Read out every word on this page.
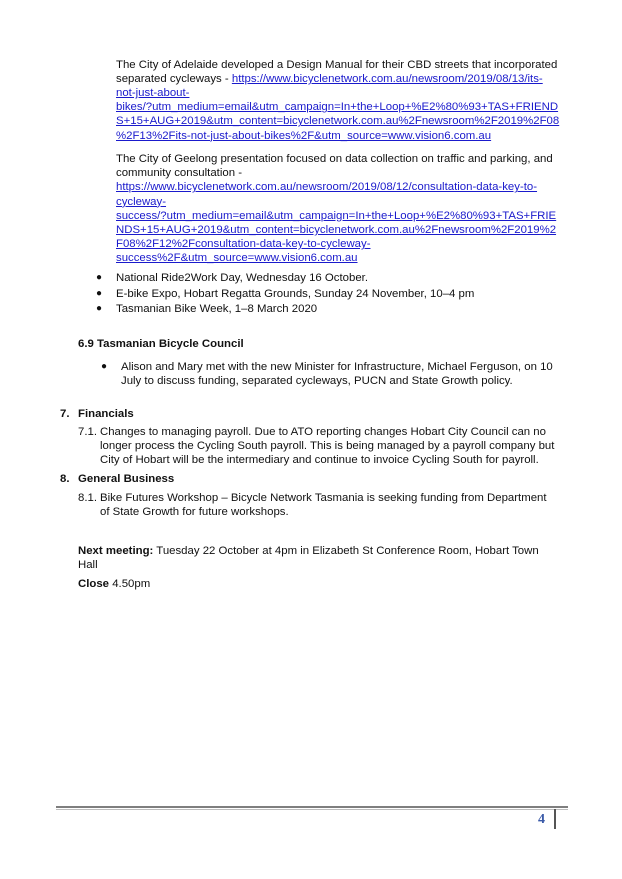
The City of Adelaide developed a Design Manual for their CBD streets that incorporated

separated cycleways - https://www.bicyclenetwork.com.au/newsroom/2019/08/13/its-

not-just-about-

bikes/?utm_medium=email&utm_campaign=In+the+Loop+%E2%80%93+TAS+FRIEND

S+15+AUG+2019&utm_content=bicyclenetwork.com.au%2Fnewsroom%2F2019%2F08

%2F13%2Fits-not-just-about-bikes%2F&utm_source=www.vision6.com.au

The City of Geelong presentation focused on data collection on traffic and parking, and

community consultation -

https://www.bicyclenetwork.com.au/newsroom/2019/08/12/consultation-data-key-to-

cycleway-

success/?utm_medium=email&utm_campaign=In+the+Loop+%E2%80%93+TAS+FRIE

NDS+15+AUG+2019&utm_content=bicyclenetwork.com.au%2Fnewsroom%2F2019%2

F08%2F12%2Fconsultation-data-key-to-cycleway-

success%2F&utm_source=www.vision6.com.au

● National Ride2Work Day, Wednesday 16 October.
● E-bike Expo, Hobart Regatta Grounds, Sunday 24 November, 10–4 pm
● Tasmanian Bike Week, 1–8 March 2020
6.9 Tasmanian Bicycle Council
● Alison and Mary met with the new Minister for Infrastructure, Michael Ferguson, on 10

July to discuss funding, separated cycleways, PUCN and State Growth policy.

7. Financials
7.1. Changes to managing payroll. Due to ATO reporting changes Hobart City Council can no

longer process the Cycling South payroll. This is being managed by a payroll company but

City of Hobart will be the intermediary and continue to invoice Cycling South for payroll.

8. General Business
8.1. Bike Futures Workshop – Bicycle Network Tasmania is seeking funding from Department

of State Growth for future workshops.

Next meeting: Tuesday 22 October at 4pm in Elizabeth St Conference Room, Hobart Town

Hall

Close 4.50pm

4
